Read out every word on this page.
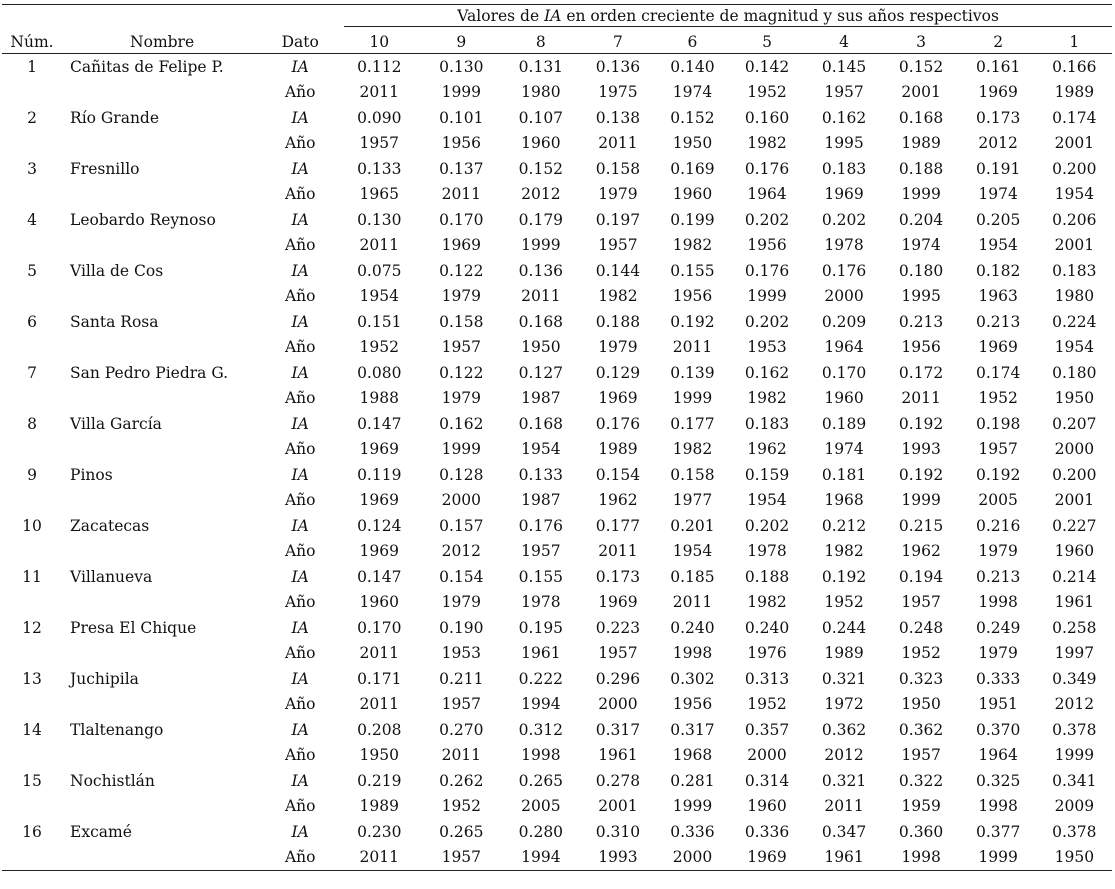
			Valores de IA en orden creciente de magnitud y sus años respectivos									

Núm.	Nombre	Dato	10	9	8	7	6	5	4	3	2	1
1	Cañitas de Felipe P.	IA	0.112	0.130	0.131	0.136	0.140	0.142	0.145	0.152	0.161	0.166
		Año	2011	1999	1980	1975	1974	1952	1957	2001	1969	1989
2	Río Grande	IA	0.090	0.101	0.107	0.138	0.152	0.160	0.162	0.168	0.173	0.174
		Año	1957	1956	1960	2011	1950	1982	1995	1989	2012	2001
3	Fresnillo	IA	0.133	0.137	0.152	0.158	0.169	0.176	0.183	0.188	0.191	0.200
		Año	1965	2011	2012	1979	1960	1964	1969	1999	1974	1954
4	Leobardo Reynoso	IA	0.130	0.170	0.179	0.197	0.199	0.202	0.202	0.204	0.205	0.206
		Año	2011	1969	1999	1957	1982	1956	1978	1974	1954	2001
5	Villa de Cos	IA	0.075	0.122	0.136	0.144	0.155	0.176	0.176	0.180	0.182	0.183
		Año	1954	1979	2011	1982	1956	1999	2000	1995	1963	1980
6	Santa Rosa	IA	0.151	0.158	0.168	0.188	0.192	0.202	0.209	0.213	0.213	0.224
		Año	1952	1957	1950	1979	2011	1953	1964	1956	1969	1954
7	San Pedro Piedra G.	IA	0.080	0.122	0.127	0.129	0.139	0.162	0.170	0.172	0.174	0.180
		Año	1988	1979	1987	1969	1999	1982	1960	2011	1952	1950
8	Villa García	IA	0.147	0.162	0.168	0.176	0.177	0.183	0.189	0.192	0.198	0.207
		Año	1969	1999	1954	1989	1982	1962	1974	1993	1957	2000
9	Pinos	IA	0.119	0.128	0.133	0.154	0.158	0.159	0.181	0.192	0.192	0.200
		Año	1969	2000	1987	1962	1977	1954	1968	1999	2005	2001
10	Zacatecas	IA	0.124	0.157	0.176	0.177	0.201	0.202	0.212	0.215	0.216	0.227
		Año	1969	2012	1957	2011	1954	1978	1982	1962	1979	1960
11	Villanueva	IA	0.147	0.154	0.155	0.173	0.185	0.188	0.192	0.194	0.213	0.214
		Año	1960	1979	1978	1969	2011	1982	1952	1957	1998	1961
12	Presa El Chique	IA	0.170	0.190	0.195	0.223	0.240	0.240	0.244	0.248	0.249	0.258
		Año	2011	1953	1961	1957	1998	1976	1989	1952	1979	1997
13	Juchipila	IA	0.171	0.211	0.222	0.296	0.302	0.313	0.321	0.323	0.333	0.349
		Año	2011	1957	1994	2000	1956	1952	1972	1950	1951	2012
14	Tlaltenango	IA	0.208	0.270	0.312	0.317	0.317	0.357	0.362	0.362	0.370	0.378
		Año	1950	2011	1998	1961	1968	2000	2012	1957	1964	1999
15	Nochistlán	IA	0.219	0.262	0.265	0.278	0.281	0.314	0.321	0.322	0.325	0.341
		Año	1989	1952	2005	2001	1999	1960	2011	1959	1998	2009
16	Excamé	IA	0.230	0.265	0.280	0.310	0.336	0.336	0.347	0.360	0.377	0.378
		Año	2011	1957	1994	1993	2000	1969	1961	1998	1999	1950
